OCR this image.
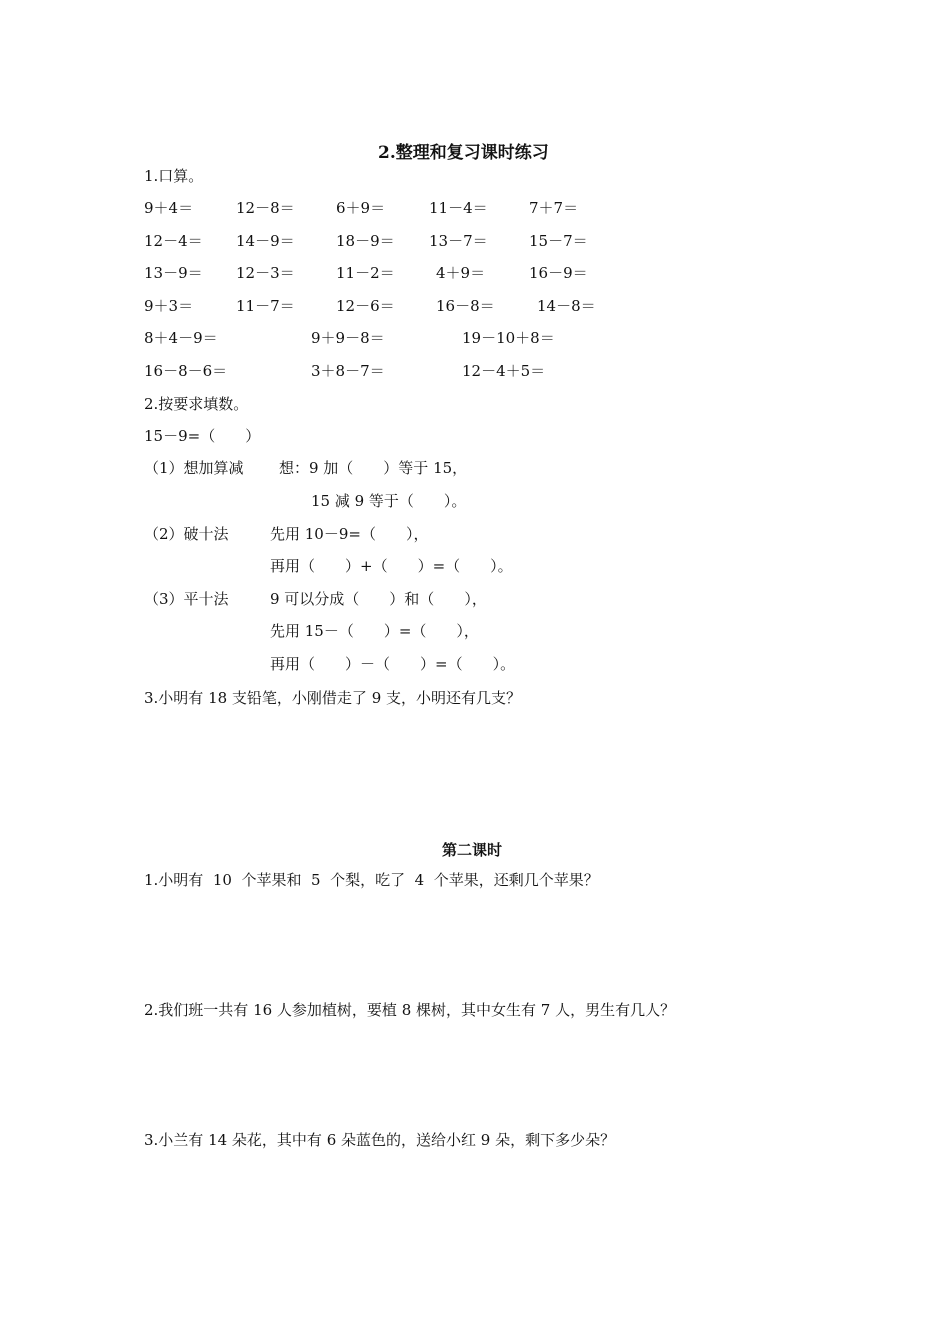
2.整理和复习课时练习
1.口算。
9＋4＝	12－8＝	6＋9＝	11－4＝	7＋7＝
12－4＝ 14－9＝	18－9＝ 13－7＝	15－7＝
13－9＝ 12－3＝	11－2＝	4＋9＝	16－9＝
9＋3＝	11－7＝	12－6＝	16－8＝	14－8＝
8＋4－9＝	9＋9－8＝	19－10＋8＝
16－8－6＝	3＋8－7＝	12－4＋5＝
2.按要求填数。
15－9=（　　）
（1）想加算减 想：9 加（　　）等于 15，
15 减 9 等于（　　）。
（2）破十法	先用 10－9=（　　），
再用（　　）+（　　）=（　　）。
（3）平十法	9 可以分成（　　）和（　　），
先用 15－（　　）=（　　），
再用（　　）－（　　）=（　　）。
3.小明有 18 支铅笔，小刚借走了 9 支，小明还有几支？
第二课时
1.小明有  10  个苹果和  5  个梨，吃了  4  个苹果，还剩几个苹果？
2.我们班一共有 16 人参加植树，要植 8 棵树，其中女生有 7 人，男生有几人？
3.小兰有 14 朵花，其中有 6 朵蓝色的，送给小红 9 朵，剩下多少朵？
